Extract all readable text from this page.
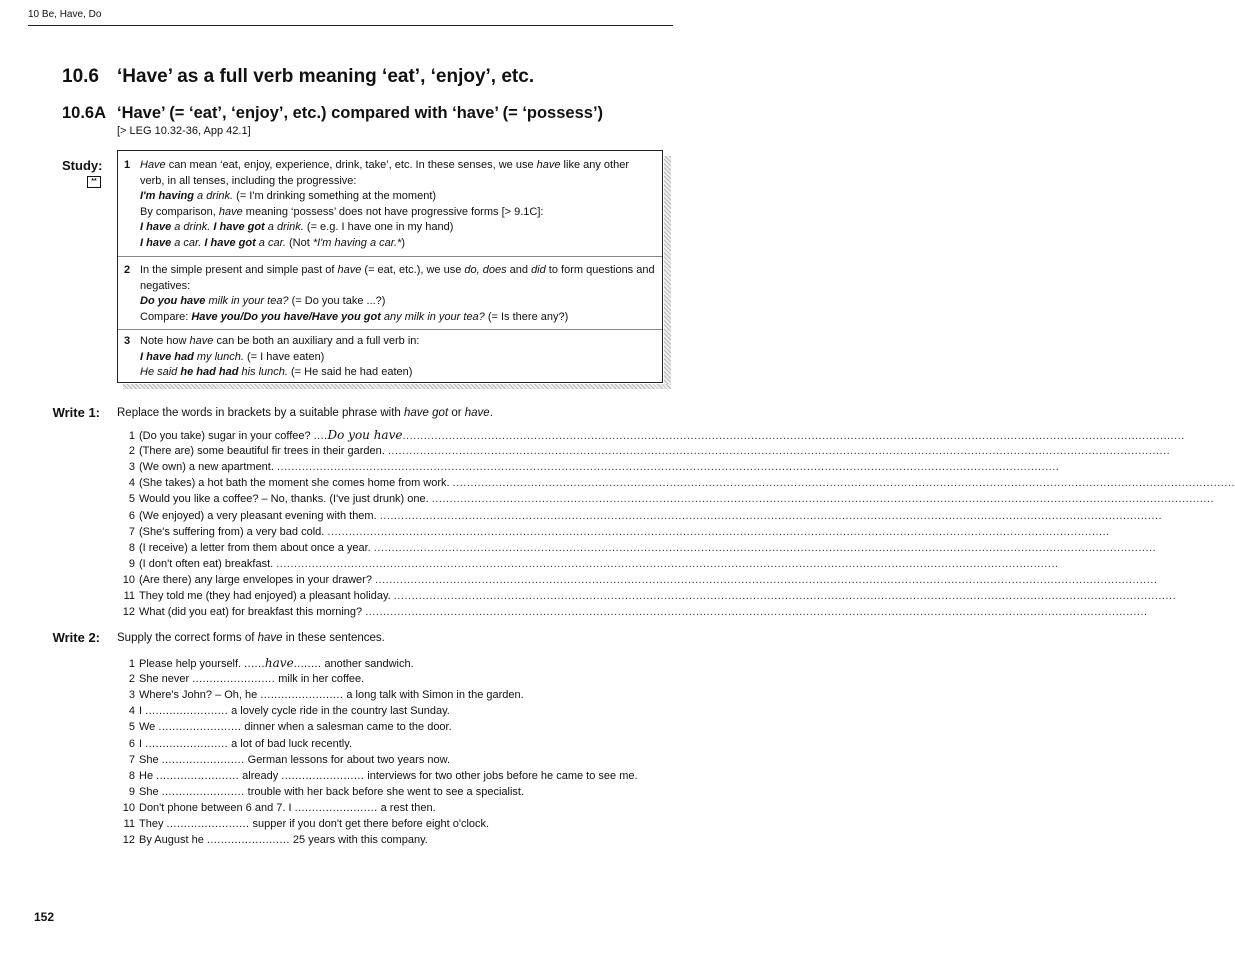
10 Be, Have, Do
10.6 ‘Have’ as a full verb meaning ‘eat’, ‘enjoy’, etc.
10.6A ‘Have’ (= ‘eat’, ‘enjoy’, etc.) compared with ‘have’ (= ‘possess’)
[> LEG 10.32-36, App 42.1]
Study:
**
1 Have can mean ‘eat, enjoy, experience, drink, take’, etc. In these senses, we use have like any other verb, in all tenses, including the progressive:
I'm having a drink. (= I'm drinking something at the moment)
By comparison, have meaning ‘possess’ does not have progressive forms [> 9.1C]:
I have a drink. I have got a drink. (= e.g. I have one in my hand)
I have a car. I have got a car. (Not *I'm having a car.*)
2 In the simple present and simple past of have (= eat, etc.), we use do, does and did to form questions and negatives:
Do you have milk in your tea? (= Do you take ...?)
Compare: Have you/Do you have/Have you got any milk in your tea? (= Is there any?)
3 Note how have can be both an auxiliary and a full verb in:
I have had my lunch. (= I have eaten)
He said he had had his lunch. (= He said he had eaten)
Write 1: Replace the words in brackets by a suitable phrase with have got or have.
1 (Do you take) sugar in your coffee? ....Do you have............................................................................................................................................................................................................................
2 (There are) some beautiful fir trees in their garden. ............................................................................................................................................................................................................................
3 (We own) a new apartment. ............................................................................................................................................................................................................................
4 (She takes) a hot bath the moment she comes home from work. ............................................................................................................................................................................................................................
5 Would you like a coffee? – No, thanks. (I've just drunk) one. ............................................................................................................................................................................................................................
6 (We enjoyed) a very pleasant evening with them. ............................................................................................................................................................................................................................
7 (She's suffering from) a very bad cold. ............................................................................................................................................................................................................................
8 (I receive) a letter from them about once a year. ............................................................................................................................................................................................................................
9 (I don't often eat) breakfast. ............................................................................................................................................................................................................................
10 (Are there) any large envelopes in your drawer? ............................................................................................................................................................................................................................
11 They told me (they had enjoyed) a pleasant holiday. ............................................................................................................................................................................................................................
12 What (did you eat) for breakfast this morning? ............................................................................................................................................................................................................................
Write 2: Supply the correct forms of have in these sentences.
1 Please help yourself. ......have........ another sandwich.
2 She never ........................ milk in her coffee.
3 Where's John? – Oh, he ........................ a long talk with Simon in the garden.
4 I ........................ a lovely cycle ride in the country last Sunday.
5 We ........................ dinner when a salesman came to the door.
6 I ........................ a lot of bad luck recently.
7 She ........................ German lessons for about two years now.
8 He ........................ already ........................ interviews for two other jobs before he came to see me.
9 She ........................ trouble with her back before she went to see a specialist.
10 Don't phone between 6 and 7. I ........................ a rest then.
11 They ........................ supper if you don't get there before eight o'clock.
12 By August he ........................ 25 years with this company.
152
